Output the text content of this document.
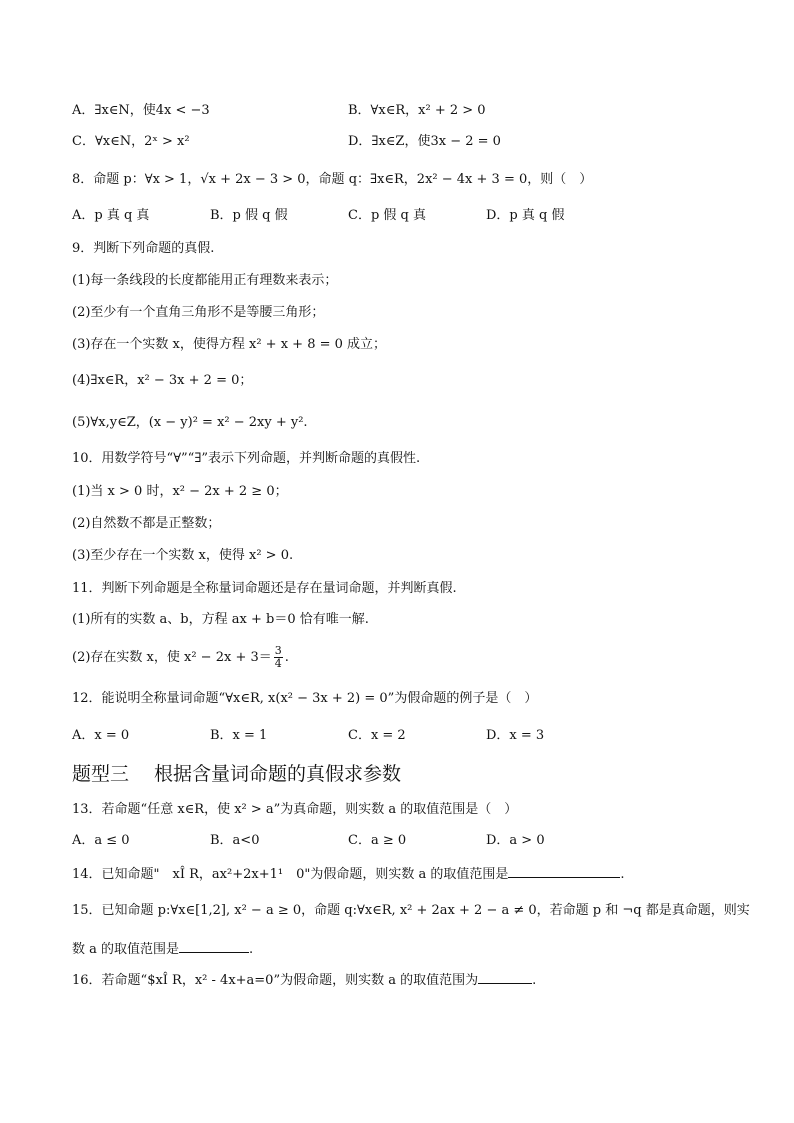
A．∃x∈N，使4x < −3	B．∀x∈R，x² + 2 > 0
C．∀x∈N，2ˣ > x²	D．∃x∈Z，使3x − 2 = 0
8．命题 p：∀x > 1，√x + 2x − 3 > 0，命题 q：∃x∈R，2x² − 4x + 3 = 0，则（　）
A．p 真 q 真	B．p 假 q 假	C．p 假 q 真	D．p 真 q 假
9．判断下列命题的真假.
(1)每一条线段的长度都能用正有理数来表示；
(2)至少有一个直角三角形不是等腰三角形；
(3)存在一个实数 x，使得方程 x² + x + 8 = 0 成立；
(4)∃x∈R，x² − 3x + 2 = 0；
(5)∀x,y∈Z，(x − y)² = x² − 2xy + y².
10．用数学符号“∀”“∃”表示下列命题，并判断命题的真假性.
(1)当 x > 0 时，x² − 2x + 2 ≥ 0；
(2)自然数不都是正整数；
(3)至少存在一个实数 x，使得 x² > 0.
11．判断下列命题是全称量词命题还是存在量词命题，并判断真假.
(1)所有的实数 a、b，方程 ax + b＝0 恰有唯一解.
(2)存在实数 x，使 $x^2 - 2x + 3= \frac{3}{4}$ .
12．能说明全称量词命题“∀x∈R, x(x² − 3x + 2) = 0”为假命题的例子是（　）
A．x = 0	B．x = 1	C．x = 2	D．x = 3
题型三　 根据含量词命题的真假求参数
13．若命题“任意 x∈R，使 x² > a”为真命题，则实数 a 的取值范围是（　）
A．a ≤ 0	B．a<0	C．a ≥ 0	D．a > 0
14．已知命题"　xÎ R，ax²+2x+1¹　0"为假命题，则实数 a 的取值范围是	.
15．已知命题 p:∀x∈[1,2], x² − a ≥ 0，命题 q:∀x∈R, x² + 2ax + 2 − a ≠ 0，若命题 p 和 ¬q 都是真命题，则实
数 a 的取值范围是	.
16．若命题“$xÎ R，x² - 4x+a=0”为假命题，则实数 a 的取值范围为	.
